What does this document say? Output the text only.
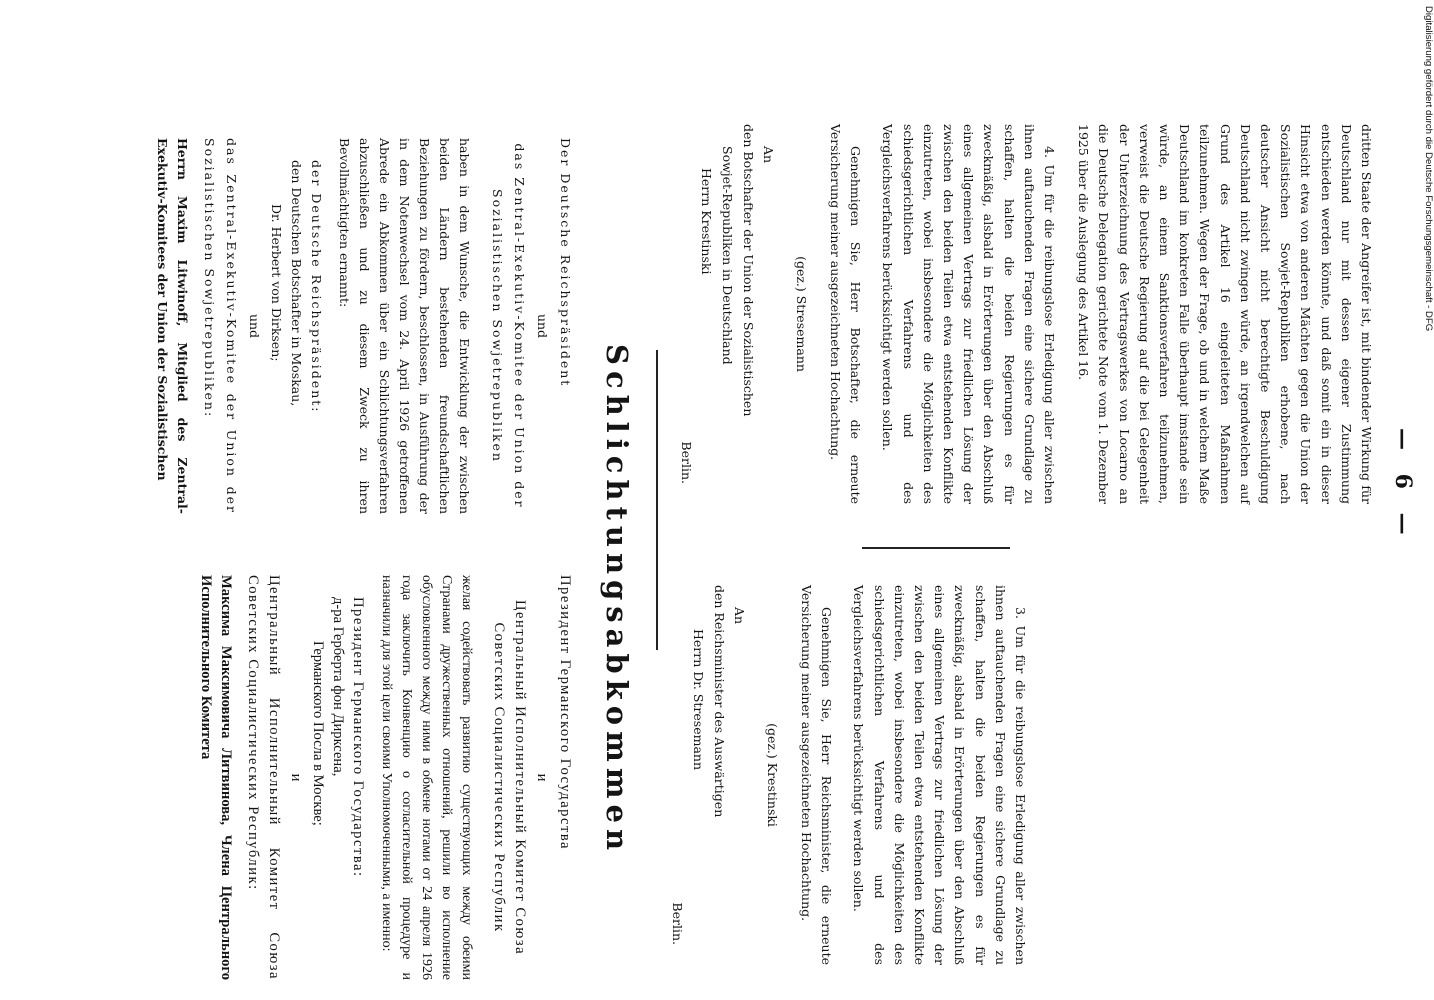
— 6 —

dritten Staate der Angreifer ist, mit bindender Wirkung für Deutschland nur mit dessen eigener Zustimmung entschieden werden könnte, und daß somit ein in dieser Hinsicht etwa von anderen Mächten gegen die Union der Sozialistischen Sowjet-Republiken erhobene, nach deutscher Ansicht nicht berechtigte Beschuldigung Deutschland nicht zwingen würde, an irgendwelchen auf Grund des Artikel 16 eingeleiteten Maßnahmen teilzunehmen. Wegen der Frage, ob und in welchem Maße Deutschland im konkreten Falle überhaupt imstande sein würde, an einem Sanktionsverfahren teilzunehmen, verweist die Deutsche Regierung auf die bei Gelegenheit der Unterzeichnung des Vertragswerkes von Locarno an die Deutsche Delegation gerichtete Note vom 1. Dezember 1925 über die Auslegung des Artikel 16.

4. Um für die reibungslose Erledigung aller zwischen ihnen auftauchenden Fragen eine sichere Grundlage zu schaffen, halten die beiden Regierungen es für zweckmäßig, alsbald in Erörterungen über den Abschluß eines allgemeinen Vertrags zur friedlichen Lösung der zwischen den beiden Teilen etwa entstehenden Konflikte einzutreten, wobei insbesondere die Möglichkeiten des schiedsgerichtlichen Verfahrens und des Vergleichsverfahrens berücksichtigt werden sollen.

Genehmigen Sie, Herr Botschafter, die erneute Versicherung meiner ausgezeichneten Hochachtung.

(gez.) Stresemann
An
den Botschafter der Union der Sozialistischen
Sowjet-Republiken in Deutschland
Herrn Krestinski
Berlin.

3. Um für die reibungslose Erledigung aller zwischen ihnen auftauchenden Fragen eine sichere Grundlage zu schaffen, halten die beiden Regierungen es für zweckmäßig, alsbald in Erörterungen über den Abschluß eines allgemeinen Vertrags zur friedlichen Lösung der zwischen den beiden Teilen etwa entstehenden Konflikte einzutreten, wobei insbesondere die Möglichkeiten des schiedsgerichtlichen Verfahrens und des Vergleichsverfahrens berücksichtigt werden sollen.

Genehmigen Sie, Herr Reichsminister, die erneute Versicherung meiner ausgezeichneten Hochachtung.

(gez.) Krestinski
An
den Reichsminister des Auswärtigen
Herrn Dr. Stresemann
Berlin.
Schlichtungsabkommen
Der Deutsche Reichspräsident
und
das Zentral-Exekutiv-Komitee der Union der Sozialistischen Sowjetrepubliken

haben in dem Wunsche, die Entwicklung der zwischen beiden Ländern bestehenden freundschaftlichen Beziehungen zu fördern, beschlossen, in Ausführung der in dem Notenwechsel vom 24. April 1926 getroffenen Abrede ein Abkommen über ein Schlichtungsverfahren abzuschließen und zu diesem Zweck zu ihren Bevollmächtigten ernannt:

der Deutsche Reichspräsident:
den Deutschen Botschafter in Moskau,
Dr. Herbert von Dirksen;
und
das Zentral-Exekutiv-Komitee der Union der Sozialistischen Sowjetrepubliken:
Herrn Maxim Litwinoff, Mitglied des Zentral-Exekutiv-Komitees der Union der Sozialistischen
Президент Германского Государства
и
Центральный Исполнительный Комитет Союза Советских Социалистических Республик

желая содействовать развитию существующих между обеими Странами дружественных отношений, решили во исполнение обусловленного между ними в обмене нотами от 24 апреля 1926 года заключить Конвенцию о согласительной процедуре и назначили для этой цели своими Уполномоченными, а именно:

Президент Германского Государства:
д-ра Герберта фон Дирксена,
Германского Посла в Москве;
и
Центральный Исполнительный Комитет Союза Советских Социалистических Республик:
Максима Максимовича Литвинова, Члена Центрального Исполнительного Комитета
Digitalisierung gefördert durch die Deutsche Forschungsgemeinschaft - DFG
